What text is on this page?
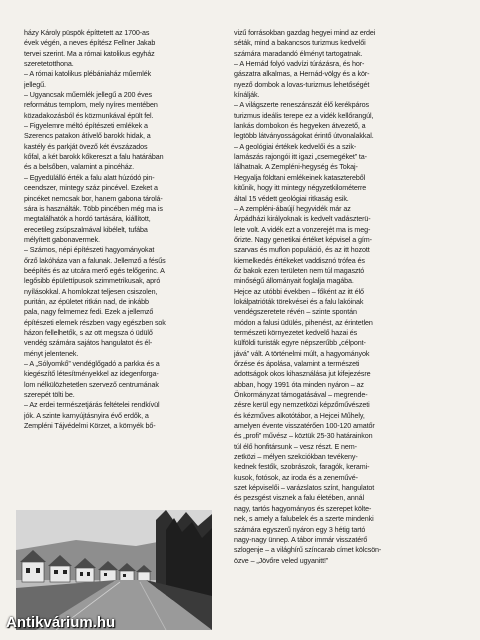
házy Károly püspök építtetett az 1700-as

évek végén, a neves építész Fellner Jakab

tervei szerint. Ma a római katolikus egyház

szeretetotthona.

– A római katolikus plébániaház műemlék

jellegű.

– Ugyancsak műemlék jellegű a 200 éves

református templom, mely nyíres mentében

közadakozásból és közmunkával épült fel.

– Figyelemre méltó építészeti emlékek a

Szerencs patakon átívelő barokk hidak, a

kastély és parkját övező két évszázados

kőfal, a két barokk kőkereszt a falu határában

és a belsőben, valamint a pincéház.

– Egyedülálló érték a falu alatt húzódó pin-

ceendszer, mintegy száz pincével. Ezeket a

pincéket nemcsak bor, hanem gabona tárolá-

sára is használták. Több pincében még ma is

megtalálhatók a hordó tartására, kiállított,

erecetileg zsúpszalmával kibélelt, tufába

mélyített gabonavermek.

– Számos, népi építészeti hagyományokat

őrző lakóháza van a falunak. Jellemző a fésűs

beépítés és az utcára merő egés telőgerinc. A

legősibb épülettípusok szimmetrikusak, apró

nyílásokkal. A homlokzat teljesen csiszolen,

puritán, az épületet ritkán nad, de inkább

pala, nagy felmemez fedi. Ezek a jellemző

építészeti elemek részben vagy egészben sok

házon fellelhetők, s az ott megsza ó üdülő

vendég számára sajátos hangulatot és él-

ményt jelentenek.

– A „Sólyomkő” vendéglőgadó a parkka és a

kiegészítő létesítményekkel az idegenforga-

lom nélkülözhetetlen szervező centrumának

szerepét tölti be.

– Az erdei természetjárás feltételei rendkívül

jók. A szinte karnyújtásnyira évő erdők, a

Zempléni Tájvédelmi Körzet, a környék bő-

vizű forrásokban gazdag hegyei mind az erdei

séták, mind a bakancsos turizmus kedvelői

számára maradandó élményt tartogatnak.

– A Hernád folyó vadvízi túrázásra, és hor-

gászatra alkalmas, a Hernád-völgy és a kör-

nyező dombok a lovas-turizmus lehetőségét

kínálják.

– A világszerte reneszánszát élő kerékpáros

turizmus ideális terepe ez a vidék kellőrangúl,

lankás dombokon és hegyeken átvezető, a

legtöbb látványosságokat érintő útvonalakkal.

– A geológiai értékek kedvelői és a szik-

lamászás rajongói itt igazi „csemegéket” ta-

lálhatnak. A Zempléni-hegység és Tokaj-

Hegyalja földtani emlékeinek katasztereből

kitűnik, hogy itt mintegy négyzetkilométerre

által 15 védett geológiai ritkaság esik.

– A zempléni-ábaújí hegyvidék már az

Árpádházi királyoknak is kedvelt vadászterü-

lete volt. A vidék ezt a vonzerejét ma is meg-

őrizte. Nagy genetikai értéket képvisel a gím-

szarvas és muflon populáció, és az itt hozott

kiemelkedés értékeket vaddisznó trófea és

őz bakok ezen területen nem túl magasztó

minőségű állományait foglalja magába.

Hejce az utóbbi években – főként az itt élő

lokálpatrióták törekvései és a falu lakóinak

vendégszeretete révén – szinte spontán

módon a falusi üdülés, pihenést, az érintetlen

természeti környezetet kedvelő hazai és

külföldi turisták egyre népszerűbb „célpont-

jává” vált. A történelmi múlt, a hagyományok

őrzése és ápolása, valamint a természeti

adottságok okos kihasználása jut kifejezésre

abban, hogy 1991 óta minden nyáron – az

Önkormányzat támogatásával – megrende-

zésre kerül egy nemzetközi képzőművészeti

és kézműves alkotótábor, a Hejcei Műhely,

amelyen évente visszatérően 100-120 amatőr

és „profi” művész – köztük 25-30 határainkon

túl élő honfitársunk – vesz részt. E nem-

zetközi – mélyen szekciókban tevékeny-

kednek festők, szobrászok, faragók, kerami-

kusok, fotósok, az iroda és a zeneművé-

szet képviselői – varázslatos színt, hangulatot

és pezsgést visznek a falu életében, annál

nagy, tartós hagyományos és szerepet költe-

nek, s amely a falubelek és a szerte mindenki

számára egyszerű nyáron egy 3 hétig tartó

nagy-nagy ünnep. A tábor immár visszatérő

szlogenje – a világhírű színcarab címet kölcsön-

özve – „Jövőre veled ugyanitt!”

Antikvárium.hu
